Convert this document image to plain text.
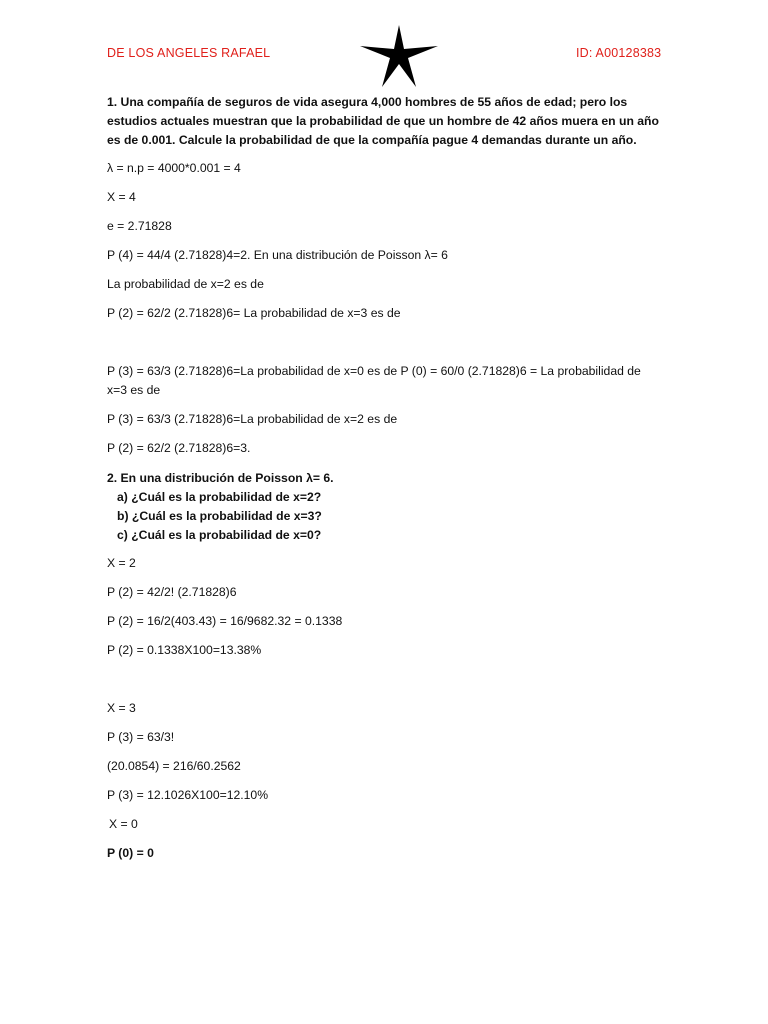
DE LOS ANGELES RAFAEL	ID: A00128383
1. Una compañía de seguros de vida asegura 4,000 hombres de 55 años de edad; pero los
estudios actuales muestran que la probabilidad de que un hombre de 42 años muera en un año
es de 0.001. Calcule la probabilidad de que la compañía pague 4 demandas durante un año.
λ = n.p = 4000*0.001 = 4
X = 4
e = 2.71828
P (4) = 44/4 (2.71828)4=2. En una distribución de Poisson λ= 6
La probabilidad de x=2 es de
P (2) = 62/2 (2.71828)6= La probabilidad de x=3 es de
P (3) = 63/3 (2.71828)6=La probabilidad de x=0 es de P (0) = 60/0 (2.71828)6 = La probabilidad de
x=3 es de
P (3) = 63/3 (2.71828)6=La probabilidad de x=2 es de
P (2) = 62/2 (2.71828)6=3.
2. En una distribución de Poisson λ= 6.
a) ¿Cuál es la probabilidad de x=2?
b) ¿Cuál es la probabilidad de x=3?
c) ¿Cuál es la probabilidad de x=0?
X = 2
P (2) = 42/2! (2.71828)6
P (2) = 16/2(403.43) = 16/9682.32 = 0.1338
P (2) = 0.1338X100=13.38%
X = 3
P (3) = 63/3!
(20.0854) = 216/60.2562
P (3) = 12.1026X100=12.10%
X = 0
P (0) = 0
